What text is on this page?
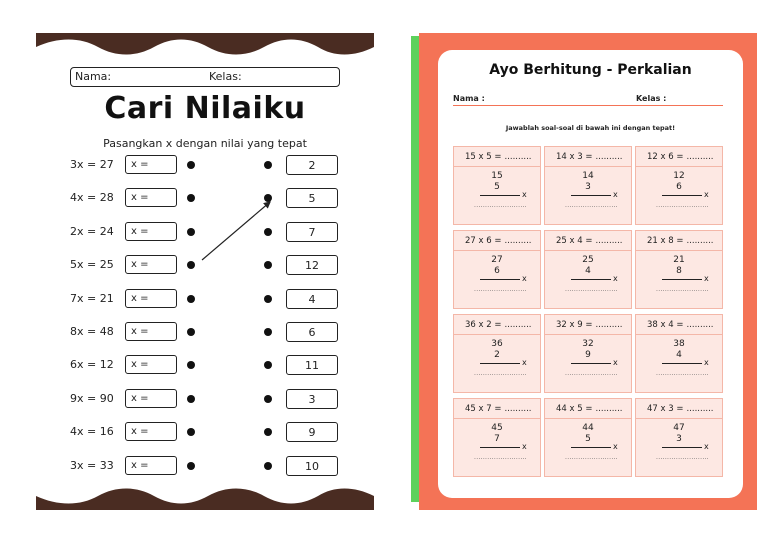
Nama:	Kelas:
Cari Nilaiku
Pasangkan x dengan nilai yang tepat
3x = 27	x =	2
4x = 28	x =	5
2x = 24	x =	7
5x = 25	x =	12
7x = 21	x =	4
8x = 48	x =	6
6x = 12	x =	11
9x = 90	x =	3
4x = 16	x =	9
3x = 33	x =	10
Ayo Berhitung - Perkalian
Nama :	Kelas :
Jawablah soal-soal di bawah ini dengan tepat!
15 x 5 = ..........
15
5
x
........................
14 x 3 = ..........
14
3
x
........................
12 x 6 = ..........
12
6
x
........................
27 x 6 = ..........
27
6
x
........................
25 x 4 = ..........
25
4
x
........................
21 x 8 = ..........
21
8
x
........................
36 x 2 = ..........
36
2
x
........................
32 x 9 = ..........
32
9
x
........................
38 x 4 = ..........
38
4
x
........................
45 x 7 = ..........
45
7
x
........................
44 x 5 = ..........
44
5
x
........................
47 x 3 = ..........
47
3
x
........................
